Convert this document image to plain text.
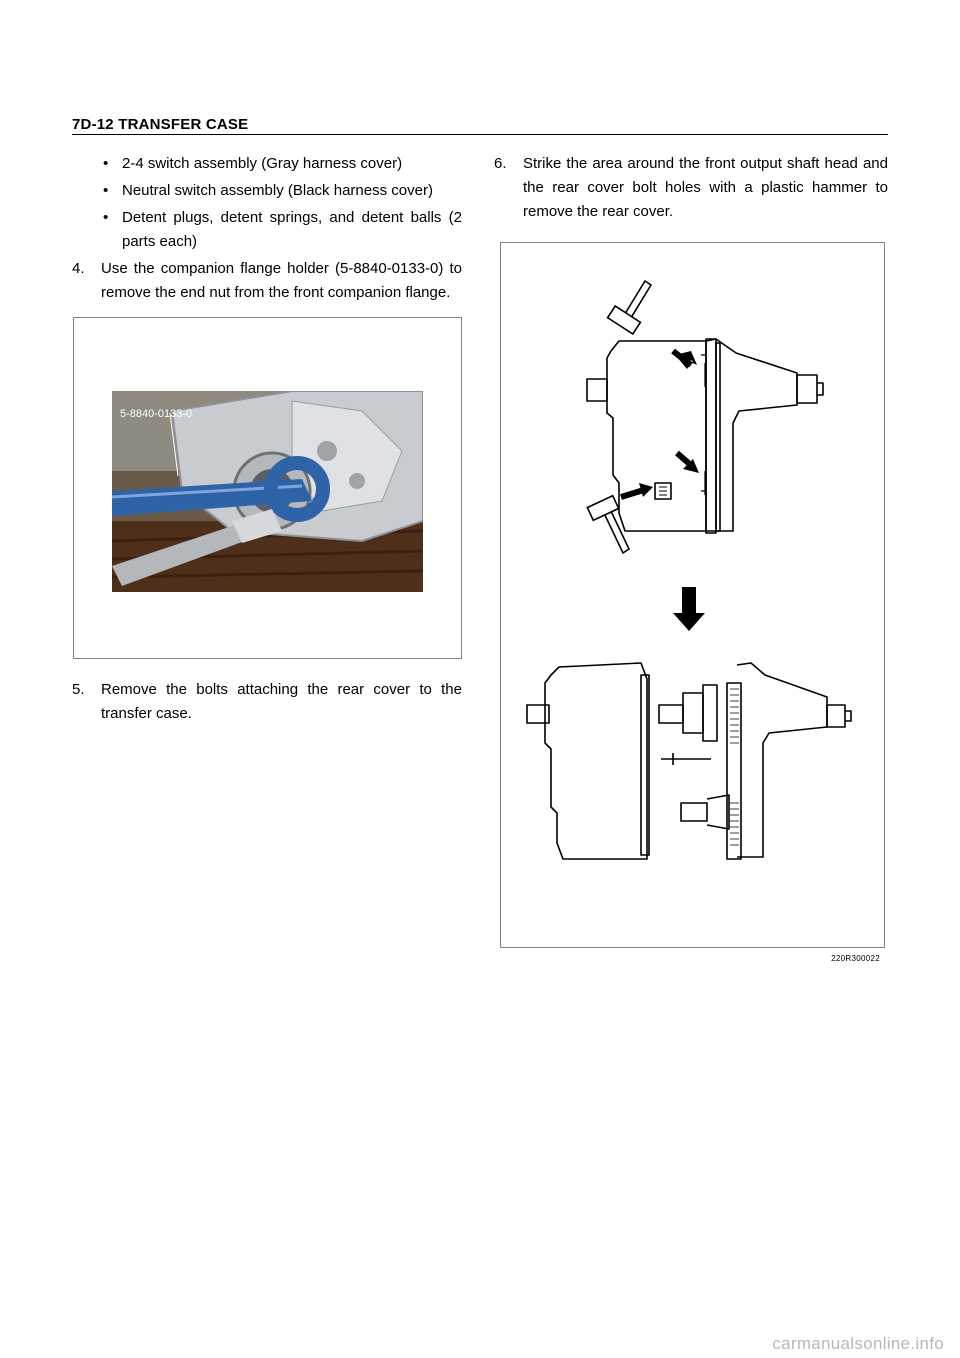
7D-12 TRANSFER CASE
• 2-4 switch assembly (Gray harness cover)
• Neutral switch assembly (Black harness cover)
• Detent plugs, detent springs, and detent balls (2 parts each)
4. Use the companion flange holder (5-8840-0133-0) to remove the end nut from the front companion flange.
5. Remove the bolts attaching the rear cover to the transfer case.
5-8840-0133-0
6. Strike the area around the front output shaft head and the rear cover bolt holes with a plastic hammer to remove the rear cover.
220R300022
carmanualsonline.info
